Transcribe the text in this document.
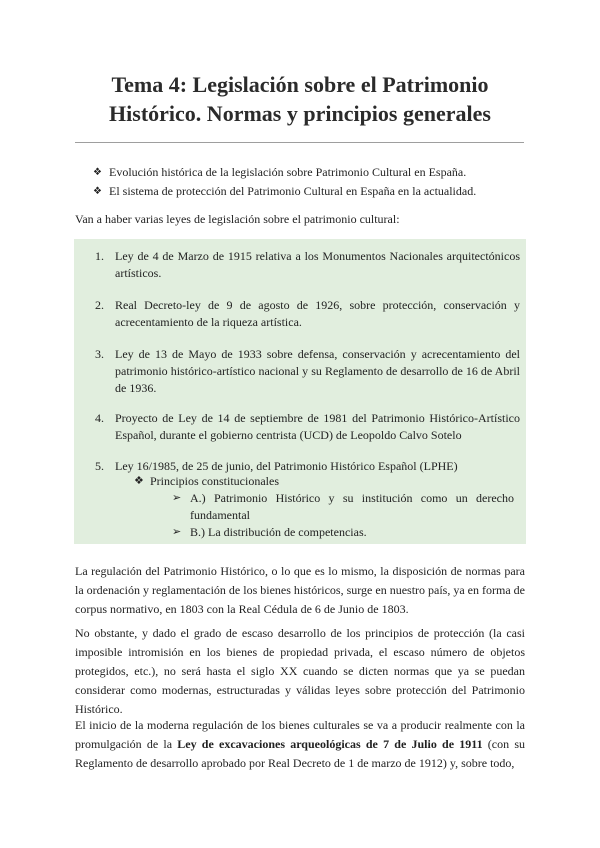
Tema 4: Legislación sobre el Patrimonio
Histórico. Normas y principios generales
❖ Evolución histórica de la legislación sobre Patrimonio Cultural en España.
❖ El sistema de protección del Patrimonio Cultural en España en la actualidad.
Van a haber varias leyes de legislación sobre el patrimonio cultural:
1. Ley de 4 de Marzo de 1915 relativa a los Monumentos Nacionales arquitectónicos artísticos.
2. Real Decreto-ley de 9 de agosto de 1926, sobre protección, conservación y acrecentamiento de la riqueza artística.
3. Ley de 13 de Mayo de 1933 sobre defensa, conservación y acrecentamiento del patrimonio histórico-artístico nacional y su Reglamento de desarrollo de 16 de Abril de 1936.
4. Proyecto de Ley de 14 de septiembre de 1981 del Patrimonio Histórico-Artístico Español, durante el gobierno centrista (UCD) de Leopoldo Calvo Sotelo
5. Ley 16/1985, de 25 de junio, del Patrimonio Histórico Español (LPHE)
❖ Principios constitucionales
➢ A.) Patrimonio Histórico y su institución como un derecho fundamental
➢ B.) La distribución de competencias.
La regulación del Patrimonio Histórico, o lo que es lo mismo, la disposición de normas para la ordenación y reglamentación de los bienes históricos, surge en nuestro país, ya en forma de corpus normativo, en 1803 con la Real Cédula de 6 de Junio de 1803.
No obstante, y dado el grado de escaso desarrollo de los principios de protección (la casi imposible intromisión en los bienes de propiedad privada, el escaso número de objetos protegidos, etc.), no será hasta el siglo XX cuando se dicten normas que ya se puedan considerar como modernas, estructuradas y válidas leyes sobre protección del Patrimonio Histórico.
El inicio de la moderna regulación de los bienes culturales se va a producir realmente con la promulgación de la Ley de excavaciones arqueológicas de 7 de Julio de 1911 (con su Reglamento de desarrollo aprobado por Real Decreto de 1 de marzo de 1912) y, sobre todo,
